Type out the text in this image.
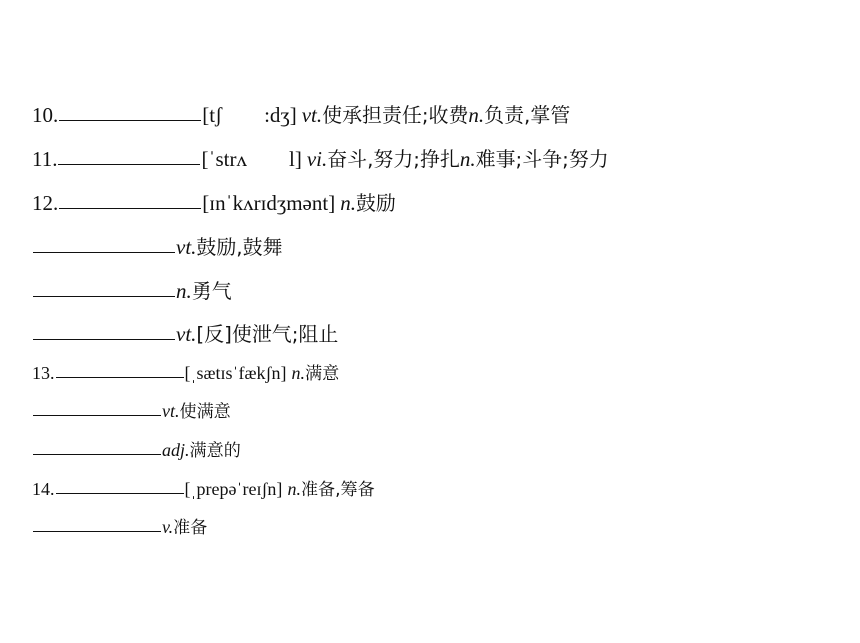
10.	[tʃ :dʒ] vt. 使承担责任;收费 n. 负责,掌管
11.	[ˈstrʌ l] vi. 奋斗,努力;挣扎 n. 难事;斗争;努力
12.	[ɪnˈkʌrɪdʒmənt] n. 鼓励
vt. 鼓励,鼓舞
n. 勇气
vt. [反]使泄气;阻止
13.	[ˌsætɪsˈfækʃn] n. 满意
vt. 使满意
adj. 满意的
14.	[ˌprepəˈreɪʃn] n. 准备,筹备
v. 准备
